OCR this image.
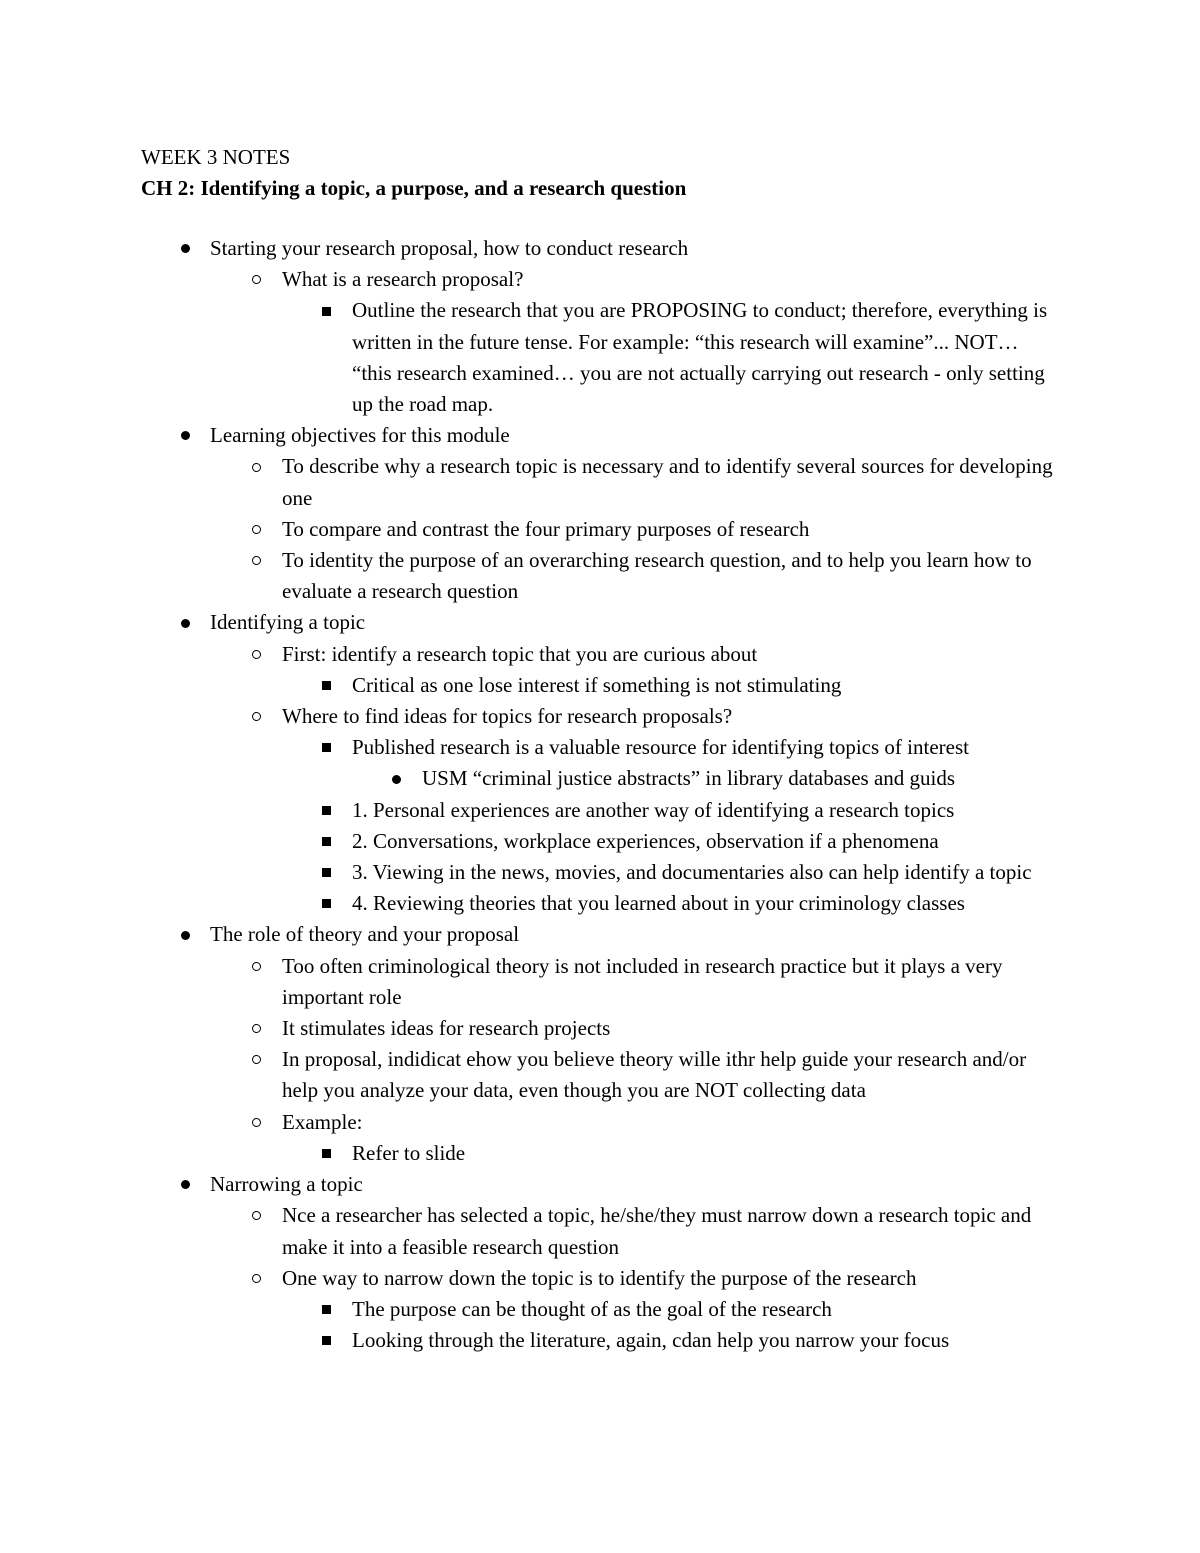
WEEK 3 NOTES
CH 2: Identifying a topic, a purpose, and a research question
Starting your research proposal, how to conduct research
What is a research proposal?
Outline the research that you are PROPOSING to conduct; therefore, everything is written in the future tense. For example: “this research will examine”... NOT… “this research examined… you are not actually carrying out research - only setting up the road map.
Learning objectives for this module
To describe why a research topic is necessary and to identify several sources for developing one
To compare and contrast the four primary purposes of research
To identity the purpose of an overarching research question, and to help you learn how to evaluate a research question
Identifying a topic
First: identify a research topic that you are curious about
Critical as one lose interest if something is not stimulating
Where to find ideas for topics for research proposals?
Published research is a valuable resource for identifying topics of interest
USM “criminal justice abstracts” in library databases and guids
1. Personal experiences are another way of identifying a research topics
2. Conversations, workplace experiences, observation if a phenomena
3. Viewing in the news, movies, and documentaries also can help identify a topic
4. Reviewing theories that you learned about in your criminology classes
The role of theory and your proposal
Too often criminological theory is not included in research practice but it plays a very important role
It stimulates ideas for research projects
In proposal, indidicat ehow you believe theory wille ithr help guide your research and/or help you analyze your data, even though you are NOT collecting data
Example:
Refer to slide
Narrowing a topic
Nce a researcher has selected a topic, he/she/they must narrow down a research topic and make it into a feasible research question
One way to narrow down the topic is to identify the purpose of the research
The purpose can be thought of as the goal of the research
Looking through the literature, again, cdan help you narrow your focus
